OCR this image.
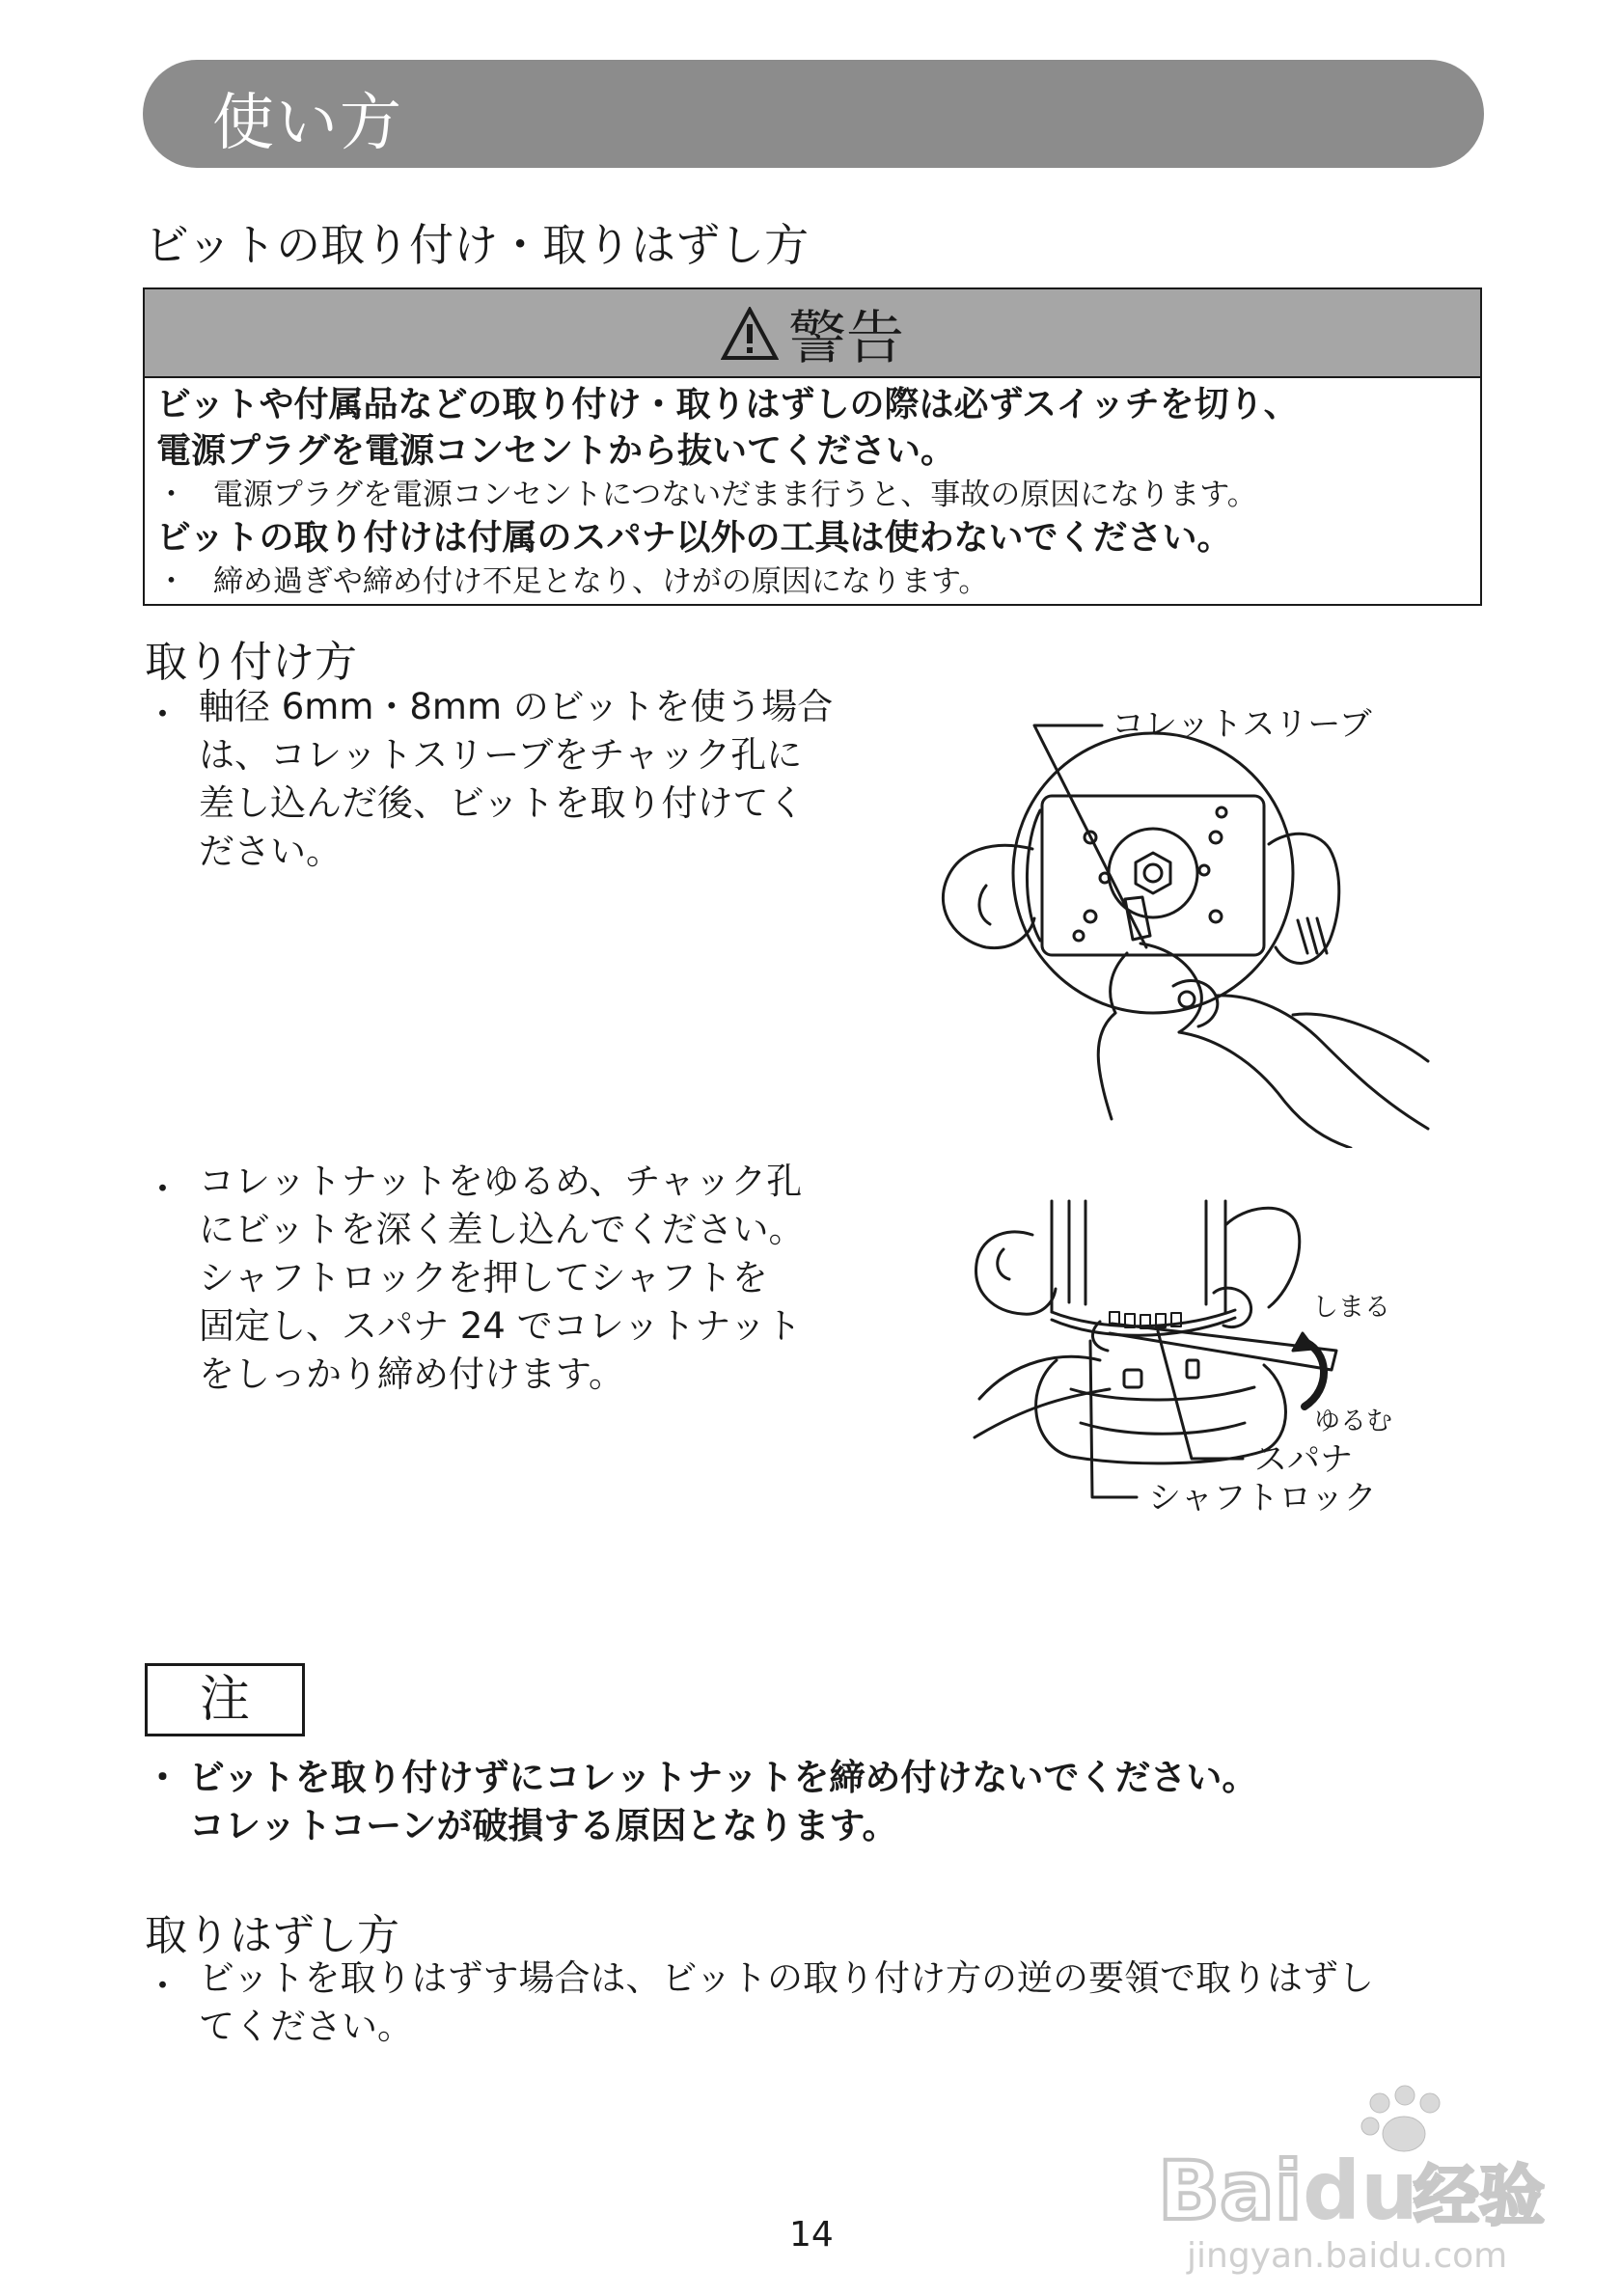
使い方
ビットの取り付け・取りはずし方
警告
ビットや付属品などの取り付け・取りはずしの際は必ずスイッチを切り、
電源プラグを電源コンセントから抜いてください。
・ 電源プラグを電源コンセントにつないだまま行うと、事故の原因になります。
ビットの取り付けは付属のスパナ以外の工具は使わないでください。
・ 締め過ぎや締め付け不足となり、けがの原因になります。
取り付け方
・ 軸径 6mm・8mm のビットを使う場合
は、コレットスリーブをチャック孔に
差し込んだ後、ビットを取り付けてく
ださい。
・ コレットナットをゆるめ、チャック孔
にビットを深く差し込んでください。
シャフトロックを押してシャフトを
固定し、スパナ 24 でコレットナット
をしっかり締め付けます。
コレットスリーブ
しまる
ゆるむ
スパナ
シャフトロック
注
・ ビットを取り付けずにコレットナットを締め付けないでください。
コレットコーンが破損する原因となります。
取りはずし方
・ ビットを取りはずす場合は、ビットの取り付け方の逆の要領で取りはずし
てください。
14	Bai du
经验
jingyan.baidu.com
